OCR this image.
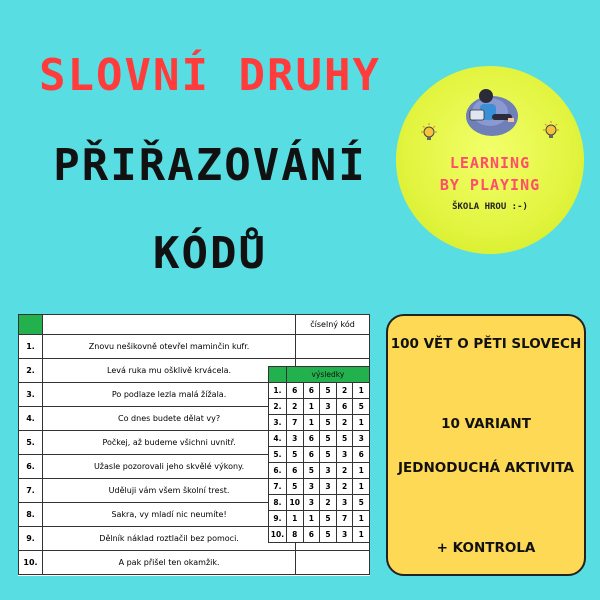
SLOVNÍ DRUHY
PŘIŘAZOVÁNÍ
KÓDŮ
LEARNING
BY PLAYING
ŠKOLA HROU :-)
		číselný kód
1.	Znovu nešikovně otevřel maminčin kufr.	
2.	Levá ruka mu ošklivě krvácela.	
3.	Po podlaze lezla malá žížala.	
4.	Co dnes budete dělat vy?	
5.	Počkej, až budeme všichni uvnitř.	
6.	Užasle pozorovali jeho skvělé výkony.	
7.	Uděluji vám všem školní trest.	
8.	Sakra, vy mladí nic neumíte!	
9.	Dělník náklad roztlačil bez pomoci.	
10.	A pak přišel ten okamžik.	
	výsledky				
1.	6	6	5	2	1
2.	2	1	3	6	5
3.	7	1	5	2	1
4.	3	6	5	5	3
5.	5	6	5	3	6
6.	6	5	3	2	1
7.	5	3	3	2	1
8.	10	3	2	3	5
9.	1	1	5	7	1
10.	8	6	5	3	1
100 VĚT O PĚTI SLOVECH
10 VARIANT
JEDNODUCHÁ AKTIVITA
+ KONTROLA
